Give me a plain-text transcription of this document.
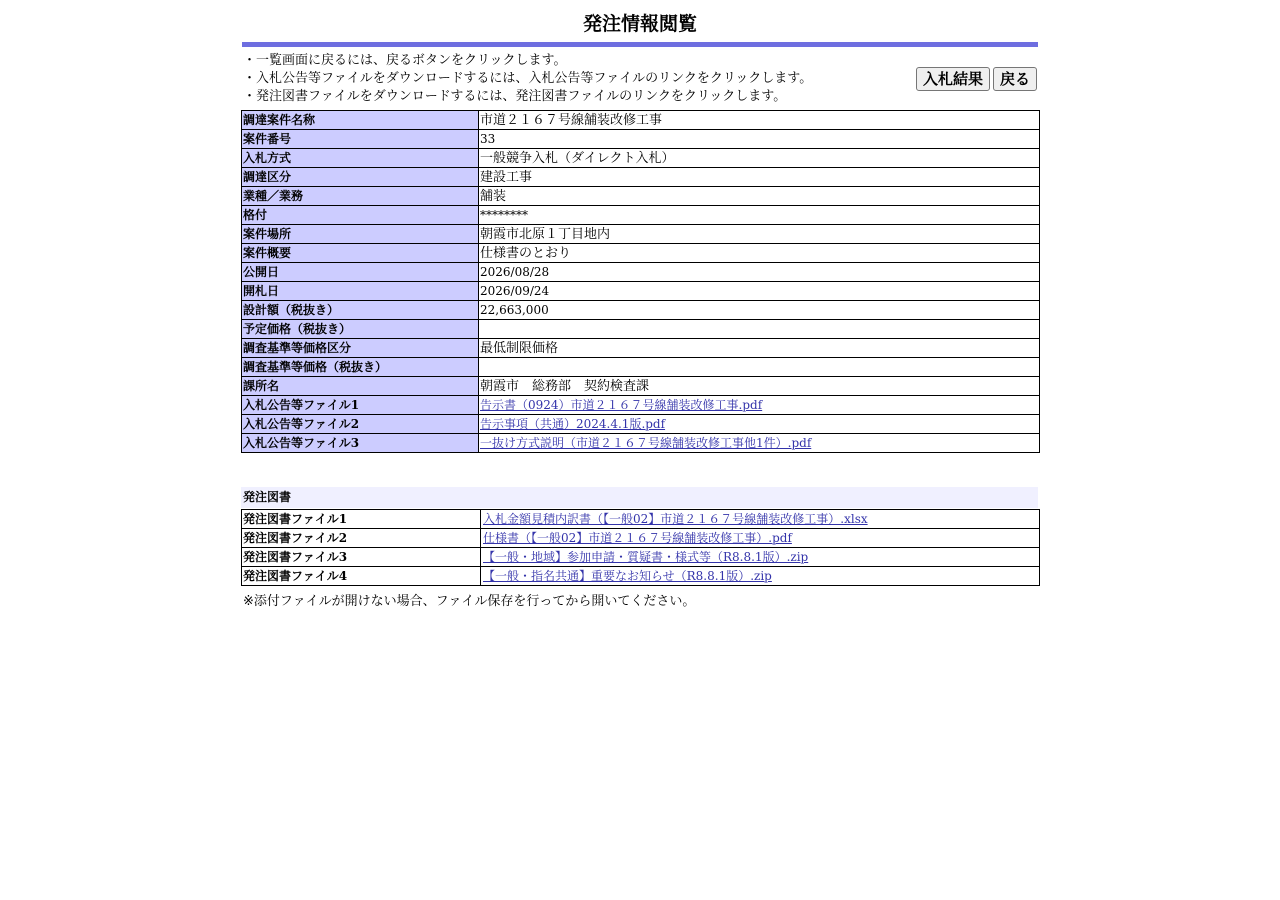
発注情報閲覧
・一覧画面に戻るには、戻るボタンをクリックします。
・入札公告等ファイルをダウンロードするには、入札公告等ファイルのリンクをクリックします。
・発注図書ファイルをダウンロードするには、発注図書ファイルのリンクをクリックします。
入札結果	戻る
調達案件名称	市道２１６７号線舗装改修工事
案件番号	33
入札方式	一般競争入札（ダイレクト入札）
調達区分	建設工事
業種／業務	舗装
格付	********
案件場所	朝霞市北原１丁目地内
案件概要	仕様書のとおり
公開日	2026/08/28
開札日	2026/09/24
設計額（税抜き）	22,663,000
予定価格（税抜き）	
調査基準等価格区分	最低制限価格
調査基準等価格（税抜き）	
課所名	朝霞市　総務部　契約検査課
入札公告等ファイル1	告示書（0924）市道２１６７号線舗装改修工事.pdf
入札公告等ファイル2	告示事項（共通）2024.4.1版.pdf
入札公告等ファイル3	一抜け方式説明（市道２１６７号線舗装改修工事他1件）.pdf
発注図書
発注図書ファイル1	入札金額見積内訳書（【一般02】市道２１６７号線舗装改修工事）.xlsx
発注図書ファイル2	仕様書（【一般02】市道２１６７号線舗装改修工事）.pdf
発注図書ファイル3	【一般・地域】参加申請・質疑書・様式等（R8.8.1版）.zip
発注図書ファイル4	【一般・指名共通】重要なお知らせ（R8.8.1版）.zip
※添付ファイルが開けない場合、ファイル保存を行ってから開いてください。
